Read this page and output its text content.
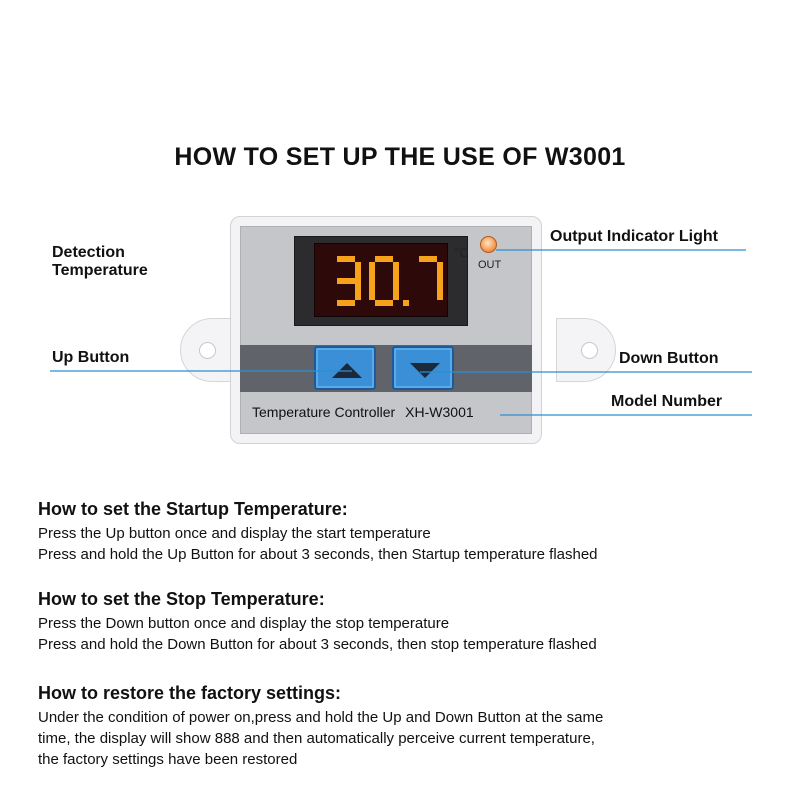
HOW TO SET UP THE USE OF W3001
°C
OUT
Temperature Controller XH-W3001
Detection
Temperature
Output Indicator Light
Up Button	Down Button
Model Number
How to set the Startup Temperature:

Press the Up button once and display the start temperature

Press and hold the Up Button for about 3 seconds, then Startup temperature flashed

How to set the Stop Temperature:

Press the Down button once and display the stop temperature

Press and hold the Down Button for about 3 seconds, then stop temperature flashed

How to restore the factory settings:

Under the condition of power on,press and hold the Up and Down Button at the same

time, the display will show 888 and then automatically perceive current temperature,

the factory settings have been restored
